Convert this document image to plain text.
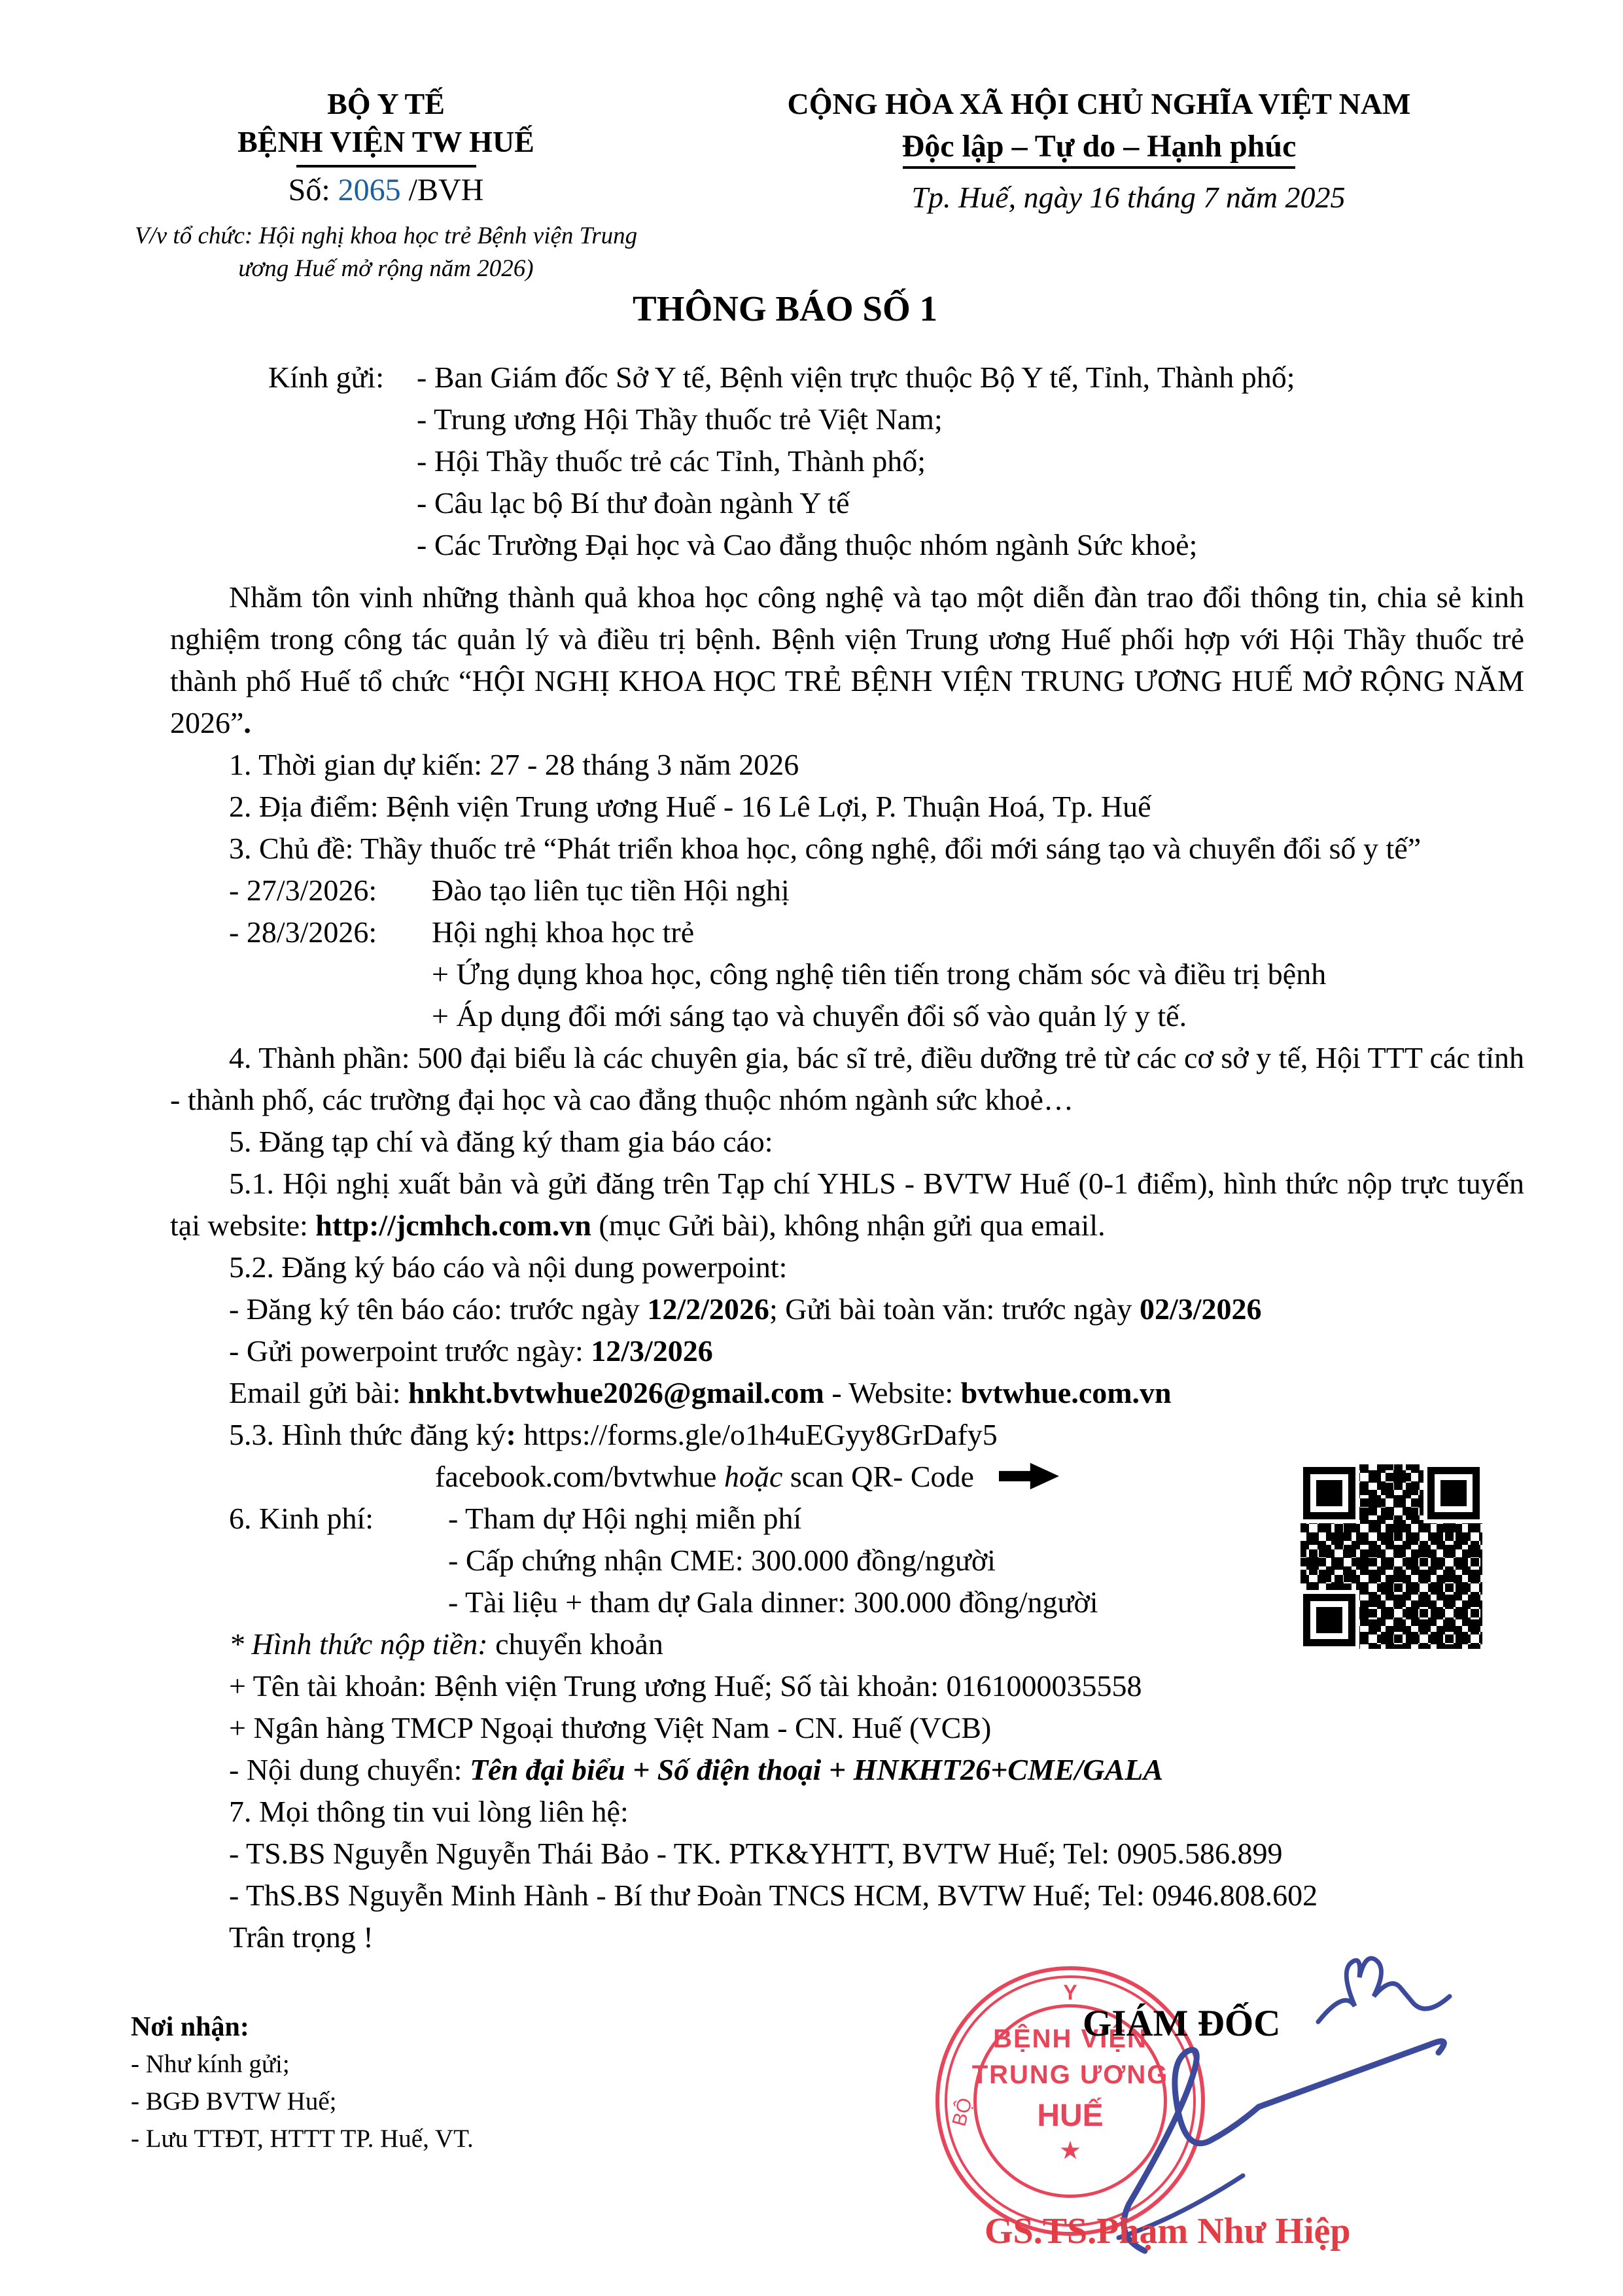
BỘ Y TẾ
BỆNH VIỆN TW HUẾ
Số: 2065 /BVH
V/v tổ chức: Hội nghị khoa học trẻ Bệnh viện Trung ương Huế mở rộng năm 2026)
CỘNG HÒA XÃ HỘI CHỦ NGHĨA VIỆT NAM
Độc lập – Tự do – Hạnh phúc
Tp. Huế, ngày 16 tháng 7 năm 2025
THÔNG BÁO SỐ 1
Kính gửi:	- Ban Giám đốc Sở Y tế, Bệnh viện trực thuộc Bộ Y tế, Tỉnh, Thành phố;
- Trung ương Hội Thầy thuốc trẻ Việt Nam;
- Hội Thầy thuốc trẻ các Tỉnh, Thành phố;
- Câu lạc bộ Bí thư đoàn ngành Y tế
- Các Trường Đại học và Cao đẳng thuộc nhóm ngành Sức khoẻ;
Nhằm tôn vinh những thành quả khoa học công nghệ và tạo một diễn đàn trao đổi thông tin, chia sẻ kinh nghiệm trong công tác quản lý và điều trị bệnh. Bệnh viện Trung ương Huế phối hợp với Hội Thầy thuốc trẻ thành phố Huế tổ chức “HỘI NGHỊ KHOA HỌC TRẺ BỆNH VIỆN TRUNG ƯƠNG HUẾ MỞ RỘNG NĂM 2026”.
1. Thời gian dự kiến: 27 - 28 tháng 3 năm 2026
2. Địa điểm: Bệnh viện Trung ương Huế - 16 Lê Lợi, P. Thuận Hoá, Tp. Huế
3. Chủ đề: Thầy thuốc trẻ “Phát triển khoa học, công nghệ, đổi mới sáng tạo và chuyển đổi số y tế”
- 27/3/2026:	Đào tạo liên tục tiền Hội nghị
- 28/3/2026:	Hội nghị khoa học trẻ
+ Ứng dụng khoa học, công nghệ tiên tiến trong chăm sóc và điều trị bệnh
+ Áp dụng đổi mới sáng tạo và chuyển đổi số vào quản lý y tế.
4. Thành phần: 500 đại biểu là các chuyên gia, bác sĩ trẻ, điều dưỡng trẻ từ các cơ sở y tế, Hội TTT các tỉnh - thành phố, các trường đại học và cao đẳng thuộc nhóm ngành sức khoẻ…
5. Đăng tạp chí và đăng ký tham gia báo cáo:
5.1. Hội nghị xuất bản và gửi đăng trên Tạp chí YHLS - BVTW Huế (0-1 điểm), hình thức nộp trực tuyến tại website: http://jcmhch.com.vn (mục Gửi bài), không nhận gửi qua email.
5.2. Đăng ký báo cáo và nội dung powerpoint:
- Đăng ký tên báo cáo: trước ngày 12/2/2026; Gửi bài toàn văn: trước ngày 02/3/2026
- Gửi powerpoint trước ngày: 12/3/2026
Email gửi bài: hnkht.bvtwhue2026@gmail.com - Website: bvtwhue.com.vn
5.3. Hình thức đăng ký: https://forms.gle/o1h4uEGyy8GrDafy5
facebook.com/bvtwhue hoặc scan QR- Code
6. Kinh phí:	- Tham dự Hội nghị miễn phí
- Cấp chứng nhận CME: 300.000 đồng/người
- Tài liệu + tham dự Gala dinner: 300.000 đồng/người
* Hình thức nộp tiền: chuyển khoản
+ Tên tài khoản: Bệnh viện Trung ương Huế; Số tài khoản: 0161000035558
+ Ngân hàng TMCP Ngoại thương Việt Nam - CN. Huế (VCB)
- Nội dung chuyển: Tên đại biểu + Số điện thoại + HNKHT26+CME/GALA
7. Mọi thông tin vui lòng liên hệ:
- TS.BS Nguyễn Nguyễn Thái Bảo - TK. PTK&YHTT, BVTW Huế; Tel: 0905.586.899
- ThS.BS Nguyễn Minh Hành - Bí thư Đoàn TNCS HCM, BVTW Huế; Tel: 0946.808.602
Trân trọng !
Nơi nhận:
- Như kính gửi;
- BGĐ BVTW Huế;
- Lưu TTĐT, HTTT TP. Huế, VT.
GIÁM ĐỐC
Y
BỆNH VIỆN
TRUNG ƯƠNG
HUẾ
★
BỘ
GS.TS.Phạm Như Hiệp
